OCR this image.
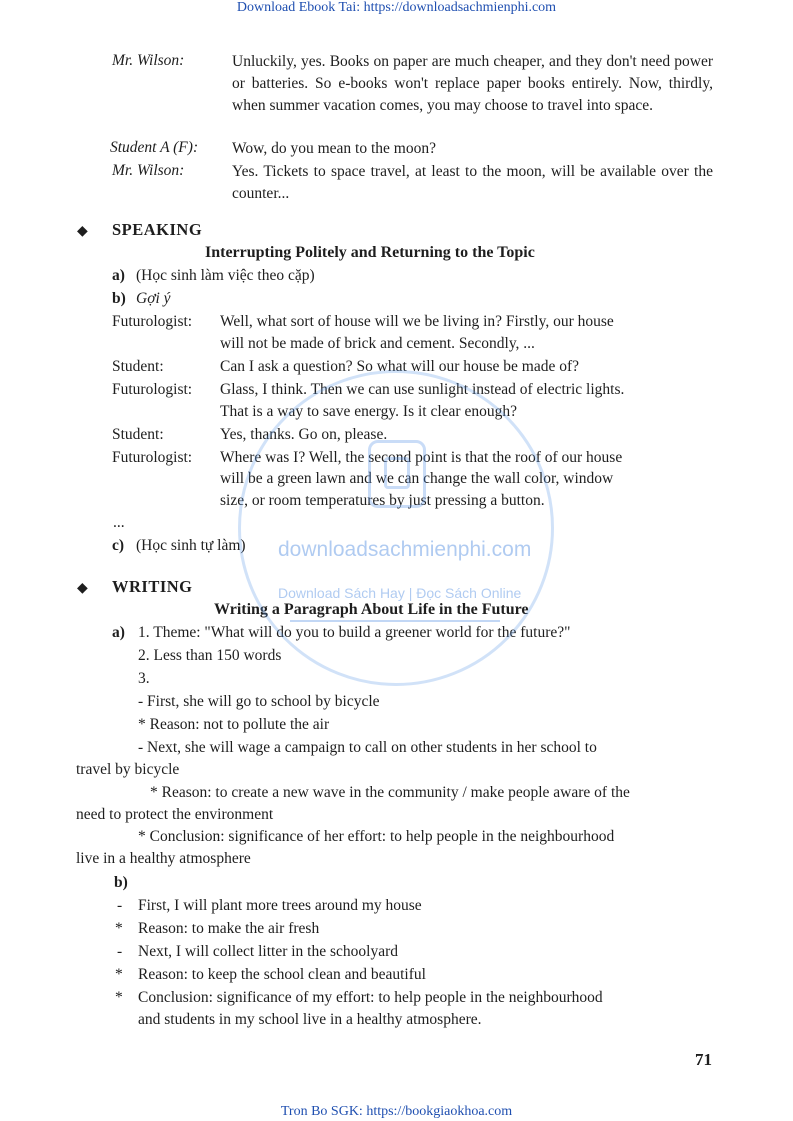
Download Ebook Tai: https://downloadsachmienphi.com
Mr. Wilson:	Unluckily, yes. Books on paper are much cheaper, and they don't need power or batteries. So e-books won't replace paper books entirely. Now, thirdly, when summer vacation comes, you may choose to travel into space.
Student A (F): Wow, do you mean to the moon?
Mr. Wilson:	Yes. Tickets to space travel, at least to the moon, will be available over the counter...
◆ SPEAKING
Interrupting Politely and Returning to the Topic
a) (Học sinh làm việc theo cặp)
b) Gợi ý
Futurologist: Well, what sort of house will we be living in? Firstly, our house
will not be made of brick and cement. Secondly, ...
Student:	Can I ask a question? So what will our house be made of?
Futurologist: Glass, I think. Then we can use sunlight instead of electric lights.
That is a way to save energy. Is it clear enough?
Student:	Yes, thanks. Go on, please.
Futurologist: Where was I? Well, the second point is that the roof of our house
will be a green lawn and we can change the wall color, window
size, or room temperatures by just pressing a button.
...
c) (Học sinh tự làm)
◆ WRITING
Writing a Paragraph About Life in the Future
a) 1. Theme: "What will do you to build a greener world for the future?"
2. Less than 150 words
3.
- First, she will go to school by bicycle
* Reason: not to pollute the air
- Next, she will wage a campaign to call on other students in her school to
travel by bicycle
* Reason: to create a new wave in the community / make people aware of the
need to protect the environment
* Conclusion: significance of her effort: to help people in the neighbourhood
live in a healthy atmosphere
b)
- First, I will plant more trees around my house
* Reason: to make the air fresh
- Next, I will collect litter in the schoolyard
* Reason: to keep the school clean and beautiful
* Conclusion: significance of my effort: to help people in the neighbourhood
and students in my school live in a healthy atmosphere.
downloadsachmienphi.com
Download Sách Hay | Đọc Sách Online
71
Tron Bo SGK: https://bookgiaokhoa.com
